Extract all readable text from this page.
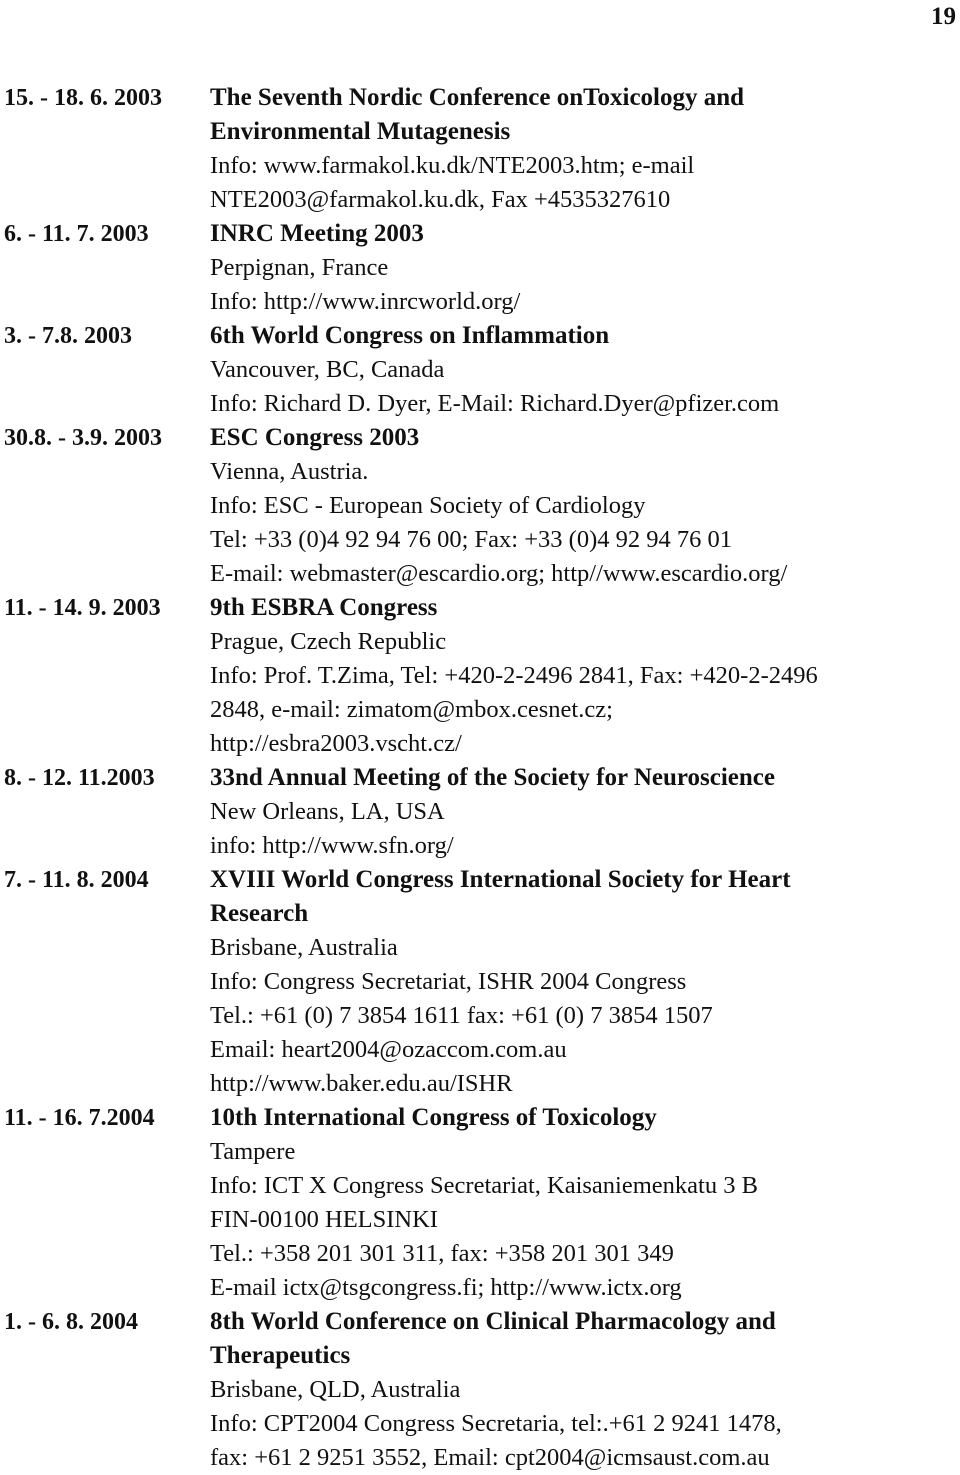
19
15. - 18. 6. 2003	The Seventh Nordic Conference onToxicology and
Environmental Mutagenesis
Info: www.farmakol.ku.dk/NTE2003.htm; e-mail
NTE2003@farmakol.ku.dk, Fax +4535327610
6. - 11. 7. 2003	INRC Meeting 2003
Perpignan, France
Info: http://www.inrcworld.org/
3. - 7.8. 2003	6th World Congress on Inflammation
Vancouver, BC, Canada
Info: Richard D. Dyer, E-Mail: Richard.Dyer@pfizer.com
30.8. - 3.9. 2003	ESC Congress 2003
Vienna, Austria.
Info: ESC - European Society of Cardiology
Tel: +33 (0)4 92 94 76 00; Fax: +33 (0)4 92 94 76 01
E-mail: webmaster@escardio.org; http//www.escardio.org/
11. - 14. 9. 2003	9th ESBRA Congress
Prague, Czech Republic
Info: Prof. T.Zima, Tel: +420-2-2496 2841, Fax: +420-2-2496
2848, e-mail: zimatom@mbox.cesnet.cz;
http://esbra2003.vscht.cz/
8. - 12. 11.2003	33nd Annual Meeting of the Society for Neuroscience
New Orleans, LA, USA
info: http://www.sfn.org/
7. - 11. 8. 2004	XVIII World Congress International Society for Heart
Research
Brisbane, Australia
Info: Congress Secretariat, ISHR 2004 Congress
Tel.: +61 (0) 7 3854 1611 fax: +61 (0) 7 3854 1507
Email: heart2004@ozaccom.com.au
http://www.baker.edu.au/ISHR
11. - 16. 7.2004	10th International Congress of Toxicology
Tampere
Info: ICT X Congress Secretariat, Kaisaniemenkatu 3 B
FIN-00100 HELSINKI
Tel.: +358 201 301 311, fax: +358 201 301 349
E-mail ictx@tsgcongress.fi; http://www.ictx.org
1. - 6. 8. 2004	8th World Conference on Clinical Pharmacology and
Therapeutics
Brisbane, QLD, Australia
Info: CPT2004 Congress Secretaria, tel:.+61 2 9241 1478,
fax: +61 2 9251 3552, Email: cpt2004@icmsaust.com.au
